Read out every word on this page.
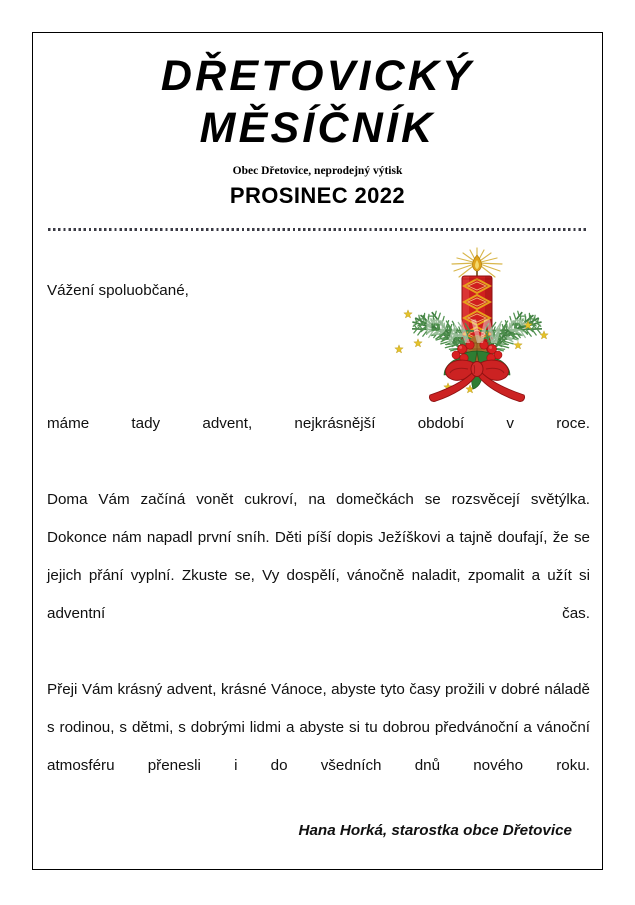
DŘETOVICKÝ
MĚSÍČNÍK
Obec Dřetovice, neprodejný výtisk
PROSINEC 2022
PAWS
Vážení spoluobčané,

máme tady advent, nejkrásnější období v roce.

Doma Vám začíná vonět cukroví, na domečkách se rozsvěcejí světýlka. Dokonce nám napadl první sníh. Děti píší dopis Ježíškovi a tajně doufají, že se jejich přání vyplní. Zkuste se, Vy dospělí, vánočně naladit, zpomalit a užít si adventní čas.

Přeji Vám krásný advent, krásné Vánoce, abyste tyto časy prožili v dobré náladě s rodinou, s dětmi, s dobrými lidmi a abyste si tu dobrou předvánoční a vánoční atmosféru přenesli i do všedních dnů nového roku.

Hana Horká, starostka obce Dřetovice
